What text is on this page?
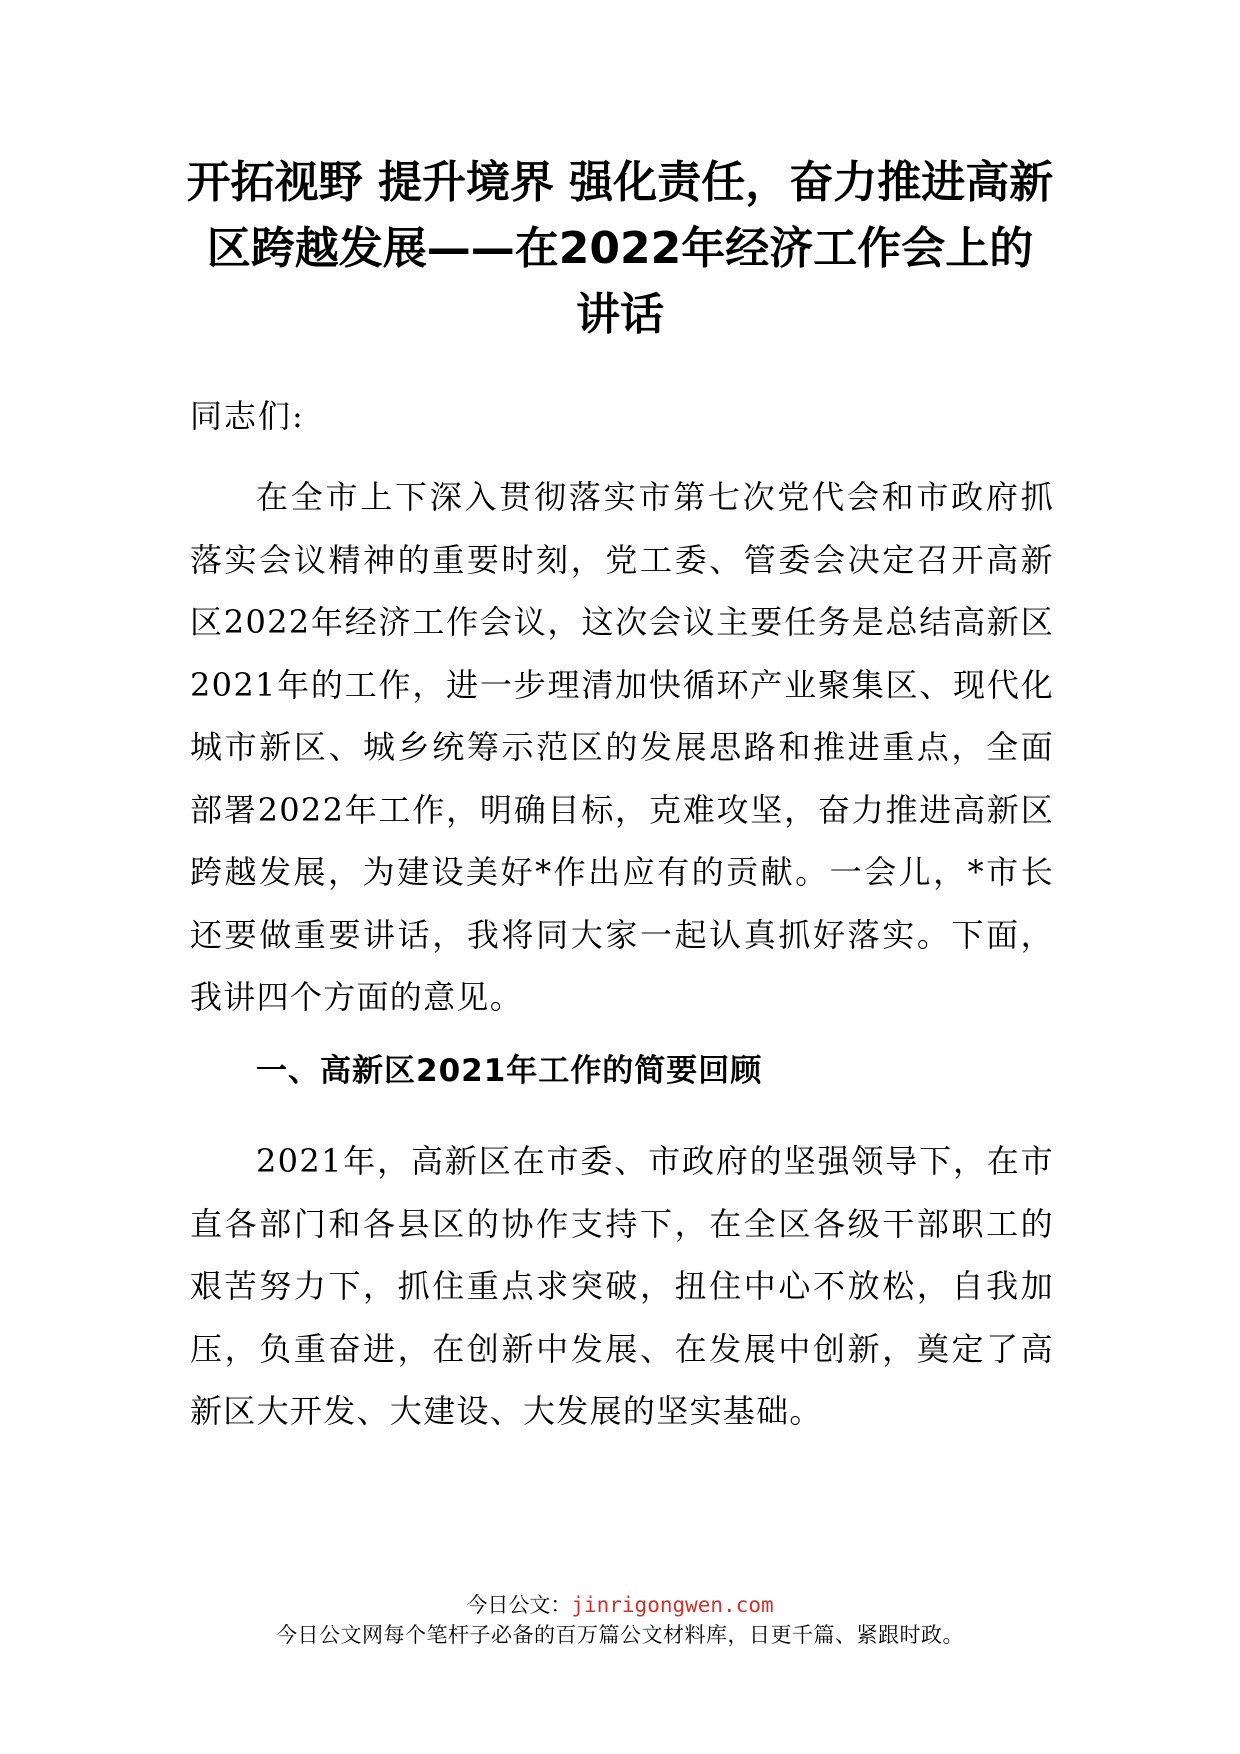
开拓视野 提升境界 强化责任，奋力推进高新区跨越发展——在2022年经济工作会上的讲话

同志们:

在全市上下深入贯彻落实市第七次党代会和市政府抓落实会议精神的重要时刻，党工委、管委会决定召开高新区2022年经济工作会议，这次会议主要任务是总结高新区2021年的工作，进一步理清加快循环产业聚集区、现代化城市新区、城乡统筹示范区的发展思路和推进重点，全面部署2022年工作，明确目标，克难攻坚，奋力推进高新区跨越发展，为建设美好*作出应有的贡献。一会儿，*市长还要做重要讲话，我将同大家一起认真抓好落实。下面，我讲四个方面的意见。

一、高新区2021年工作的简要回顾

2021年，高新区在市委、市政府的坚强领导下，在市直各部门和各县区的协作支持下，在全区各级干部职工的艰苦努力下，抓住重点求突破，扭住中心不放松，自我加压，负重奋进，在创新中发展、在发展中创新，奠定了高新区大开发、大建设、大发展的坚实基础。

今日公文：jinrigongwen.com

今日公文网每个笔杆子必备的百万篇公文材料库，日更千篇、紧跟时政。
